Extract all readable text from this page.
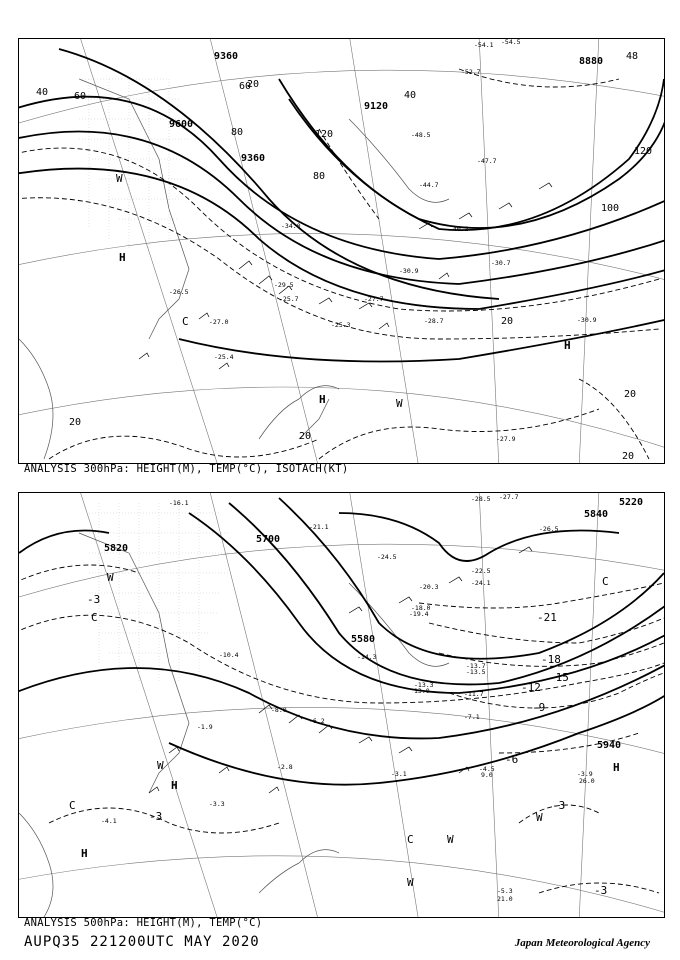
9360
9600
9360
9120
8880
40	60
80	120
100
120
80
60
20
20
20
20
20
20
40
48
-30.7
-30.9
-25.7
-27.0
-25.4
-27.7
-28.7
-25.3
-34.0
-48.5
-44.7
-47.7
-27.9
-30.9
-54.1 -54.5
-52.7
-40.2
-26.5
-29.5
H
H
H
C
W
W
ANALYSIS 300hPa: HEIGHT(M), TEMP(°C), ISOTACH(KT)
5820
5700
5580
5940
5840
5220
-3
-21
-18
-15
-12
-9
-6
-3
-3
-3
-16.1
-21.1
-28.5 -27.7
-26.5
-24.5
-22.5
-24.1
-20.3
-19.4
-18.0
-13.5
-13.7
-11.7
-7.1
-4.5
-3.1	-3.9
-5.3
-3.3
-2.8
-1.9
-4.1
-8.0
-6.2
-10.4	-14.3
-13.3
13.0
9.0
26.0
21.0
H
H
H
C
C
C
C
W
W
W
W
W
ANALYSIS 500hPa: HEIGHT(M), TEMP(°C)
AUPQ35 221200UTC MAY 2020	Japan Meteorological Agency
